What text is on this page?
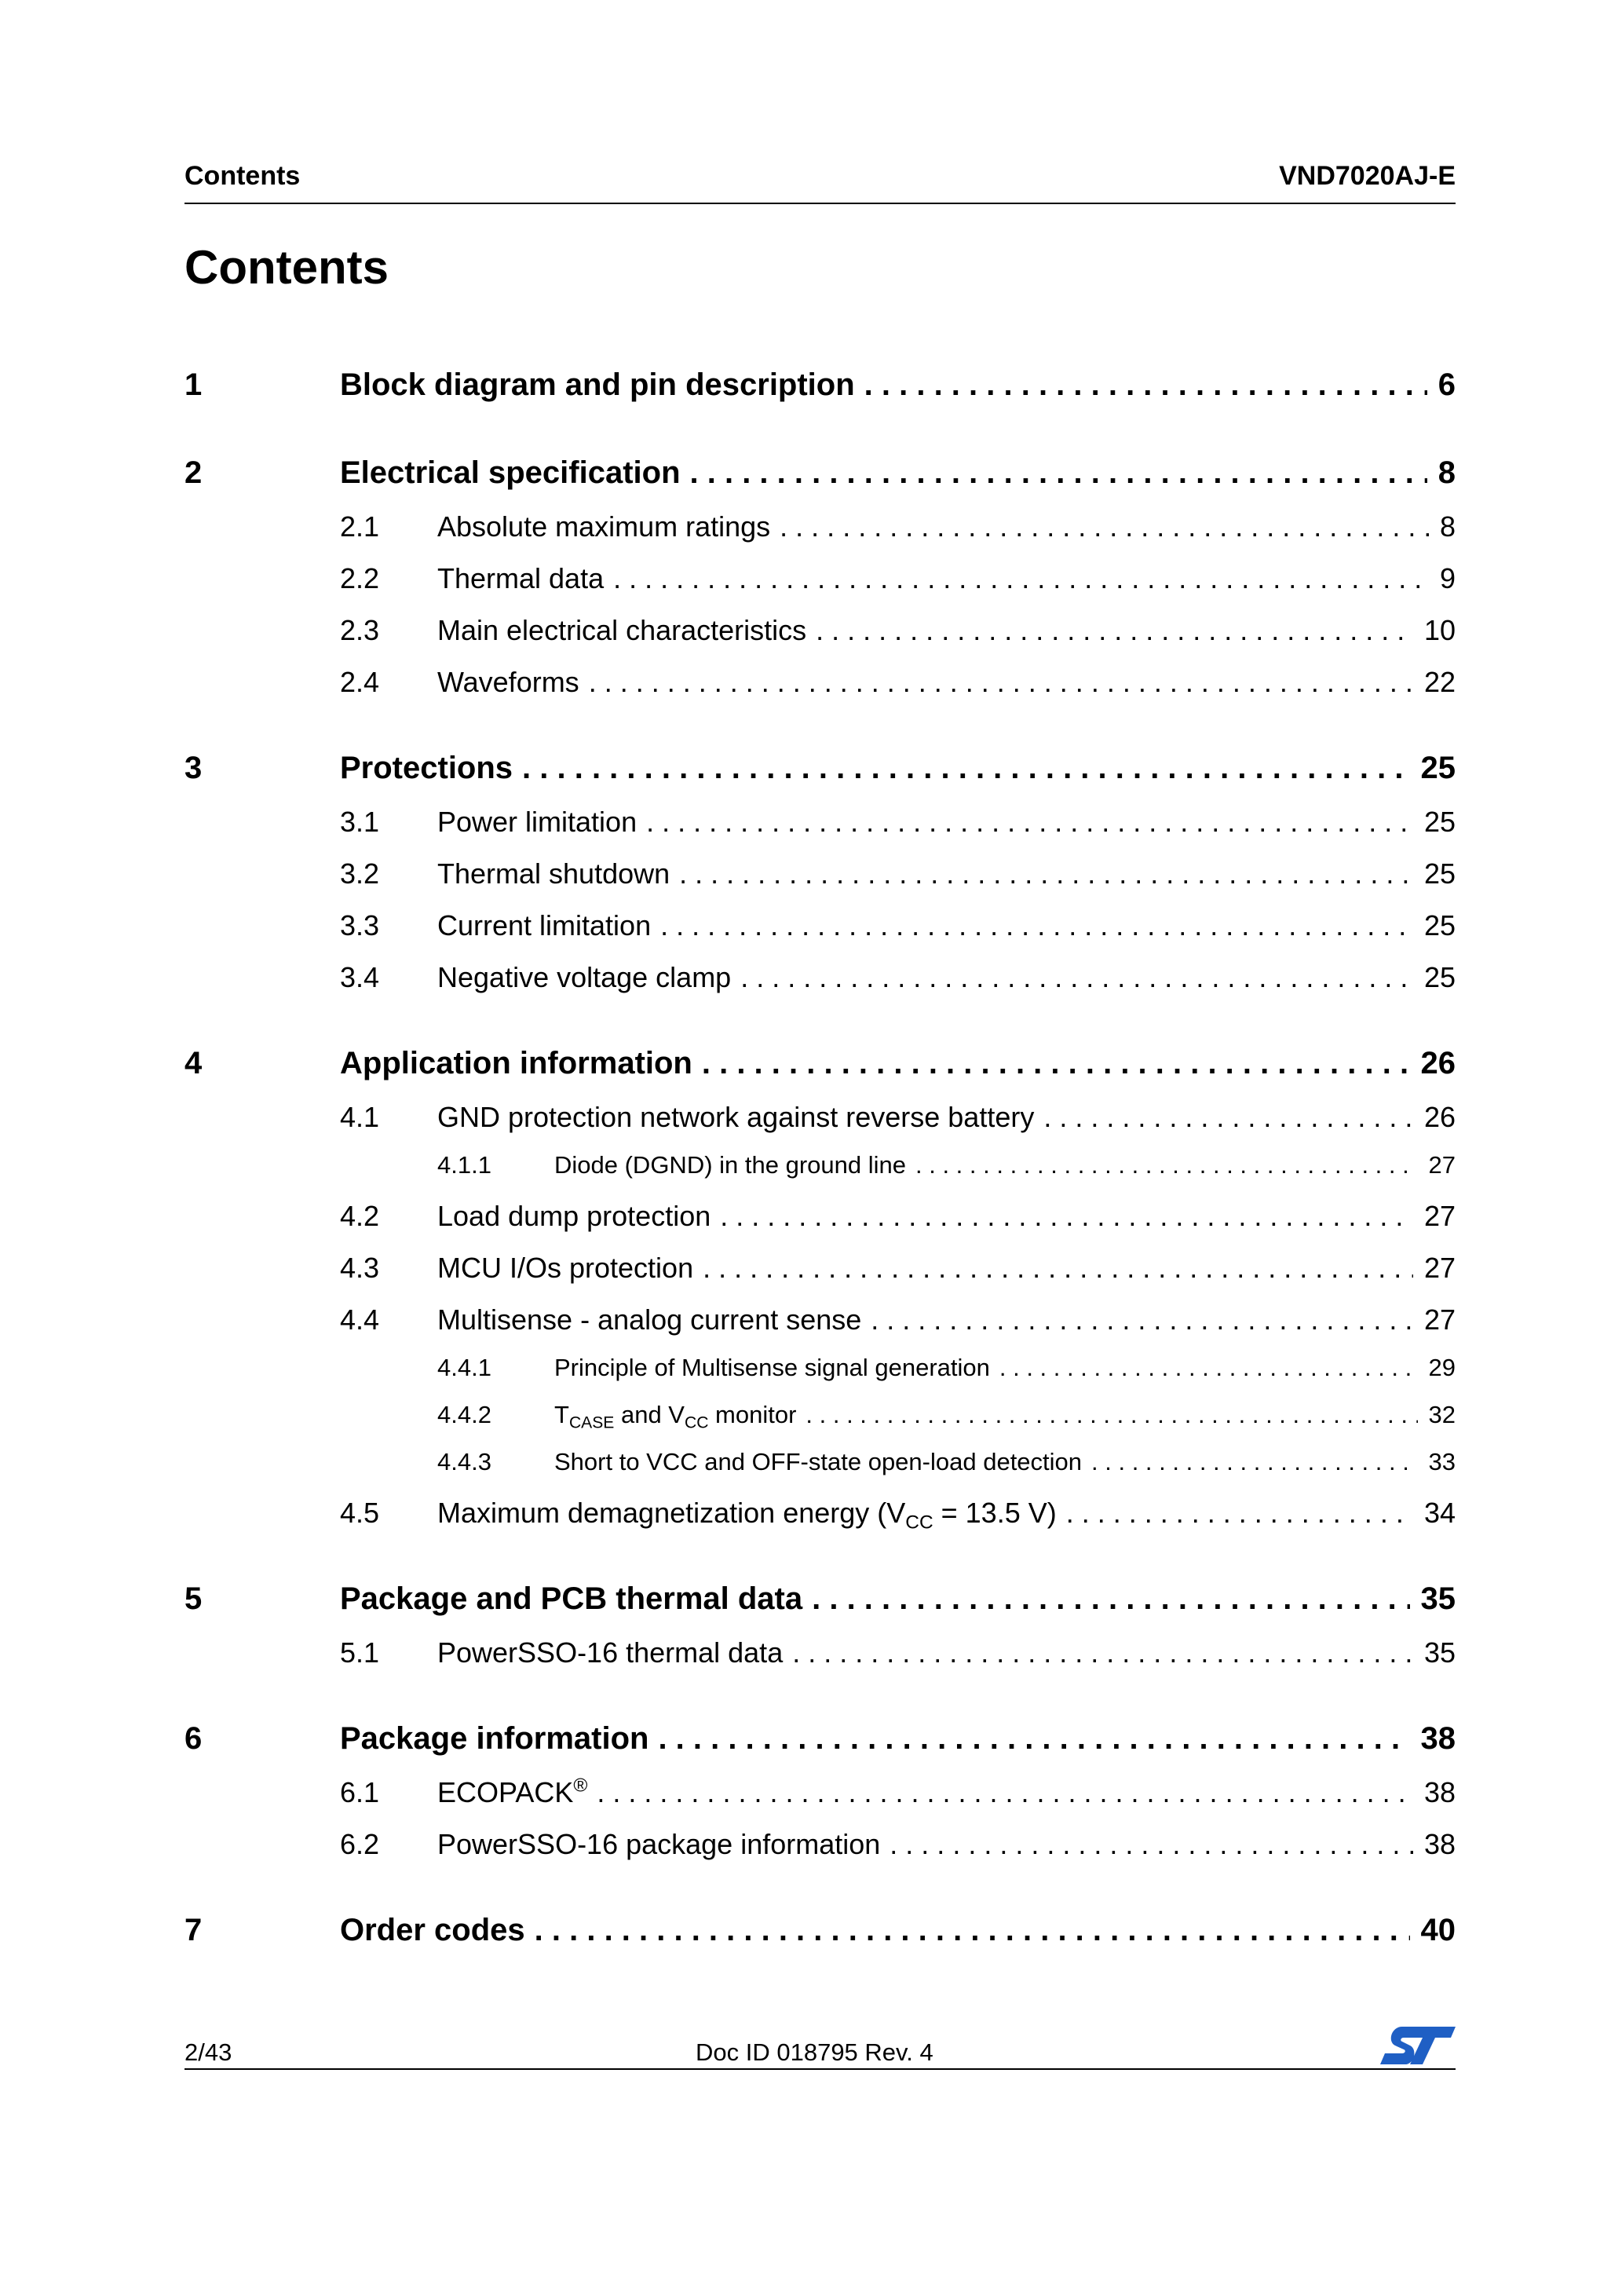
Contents	VND7020AJ-E
Contents
1	Block diagram and pin description . . .	6
2	Electrical specification . . .	8
2.1 Absolute maximum ratings . . .	8
2.2 Thermal data . . .	9
2.3 Main electrical characteristics . . .	10
2.4 Waveforms . . .	22
3	Protections . . .	25
3.1 Power limitation . . .	25
3.2 Thermal shutdown . . .	25
3.3 Current limitation . . .	25
3.4 Negative voltage clamp . . .	25
4	Application information . . .	26
4.1 GND protection network against reverse battery . . .	26
4.1.1	Diode (DGND) in the ground line . . .	27
4.2 Load dump protection . . .	27
4.3 MCU I/Os protection . . .	27
4.4 Multisense - analog current sense . . .	27
4.4.1	Principle of Multisense signal generation . . .	29
4.4.2	$T_{CASE}$ and $V_{CC}$ monitor . . .	32
4.4.3	Short to VCC and OFF-state open-load detection . . .	33
4.5 Maximum demagnetization energy ($V_{CC} = 13.5$ V) . . .	34
5	Package and PCB thermal data . . .	35
5.1 PowerSSO-16 thermal data . . .	35
6	Package information . . .	38
6.1 ECOPACK® . . .	38
6.2 PowerSSO-16 package information . . .	38
7	Order codes . . .	40
2/43	Doc ID 018795 Rev. 4
